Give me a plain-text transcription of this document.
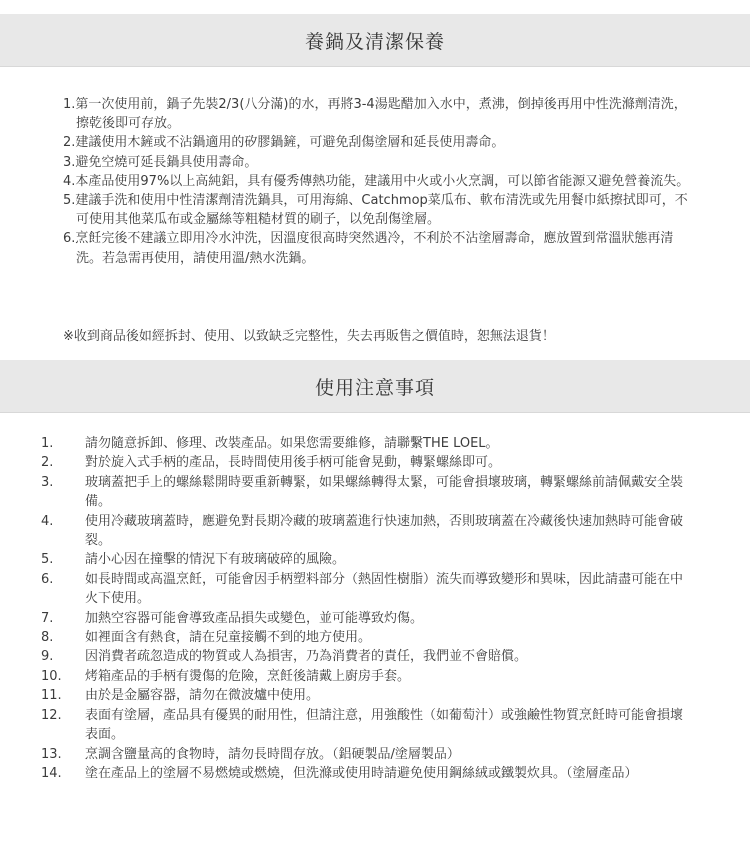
養鍋及清潔保養
1.第一次使用前，鍋子先裝2/3(八分滿)的水，再將3-4湯匙醋加入水中，煮沸，倒掉後再用中性洗滌劑清洗，擦乾後即可存放。
2.建議使用木鏟或不沾鍋適用的矽膠鍋鏟，可避免刮傷塗層和延長使用壽命。
3.避免空燒可延長鍋具使用壽命。
4.本產品使用97%以上高純鋁，具有優秀傳熱功能，建議用中火或小火烹調，可以節省能源又避免營養流失。
5.建議手洗和使用中性清潔劑清洗鍋具，可用海綿、Catchmop菜瓜布、軟布清洗或先用餐巾紙擦拭即可，不可使用其他菜瓜布或金屬絲等粗糙材質的刷子，以免刮傷塗層。
6.烹飪完後不建議立即用冷水沖洗，因溫度很高時突然遇冷，不利於不沾塗層壽命，應放置到常溫狀態再清洗。若急需再使用，請使用溫/熱水洗鍋。
※收到商品後如經拆封、使用、以致缺乏完整性，失去再販售之價值時，恕無法退貨！
使用注意事項
1. 請勿隨意拆卸、修理、改裝產品。如果您需要維修，請聯繫THE LOEL。
2. 對於旋入式手柄的產品，長時間使用後手柄可能會晃動，轉緊螺絲即可。
3. 玻璃蓋把手上的螺絲鬆開時要重新轉緊，如果螺絲轉得太緊，可能會損壞玻璃，轉緊螺絲前請佩戴安全裝備。
4. 使用冷藏玻璃蓋時，應避免對長期冷藏的玻璃蓋進行快速加熱，否則玻璃蓋在冷藏後快速加熱時可能會破裂。
5. 請小心因在撞擊的情況下有玻璃破碎的風險。
6. 如長時間或高溫烹飪，可能會因手柄塑料部分（熱固性樹脂）流失而導致變形和異味，因此請盡可能在中火下使用。
7. 加熱空容器可能會導致產品損失或變色，並可能導致灼傷。
8. 如裡面含有熱食，請在兒童接觸不到的地方使用。
9. 因消費者疏忽造成的物質或人為損害，乃為消費者的責任，我們並不會賠償。
10. 烤箱產品的手柄有燙傷的危險，烹飪後請戴上廚房手套。
11. 由於是金屬容器，請勿在微波爐中使用。
12. 表面有塗層，產品具有優異的耐用性，但請注意，用強酸性（如葡萄汁）或強鹼性物質烹飪時可能會損壞表面。
13. 烹調含鹽量高的食物時，請勿長時間存放。（鋁硬製品/塗層製品）
14. 塗在產品上的塗層不易燃燒或燃燒，但洗滌或使用時請避免使用鋼絲絨或鐵製炊具。（塗層產品）
